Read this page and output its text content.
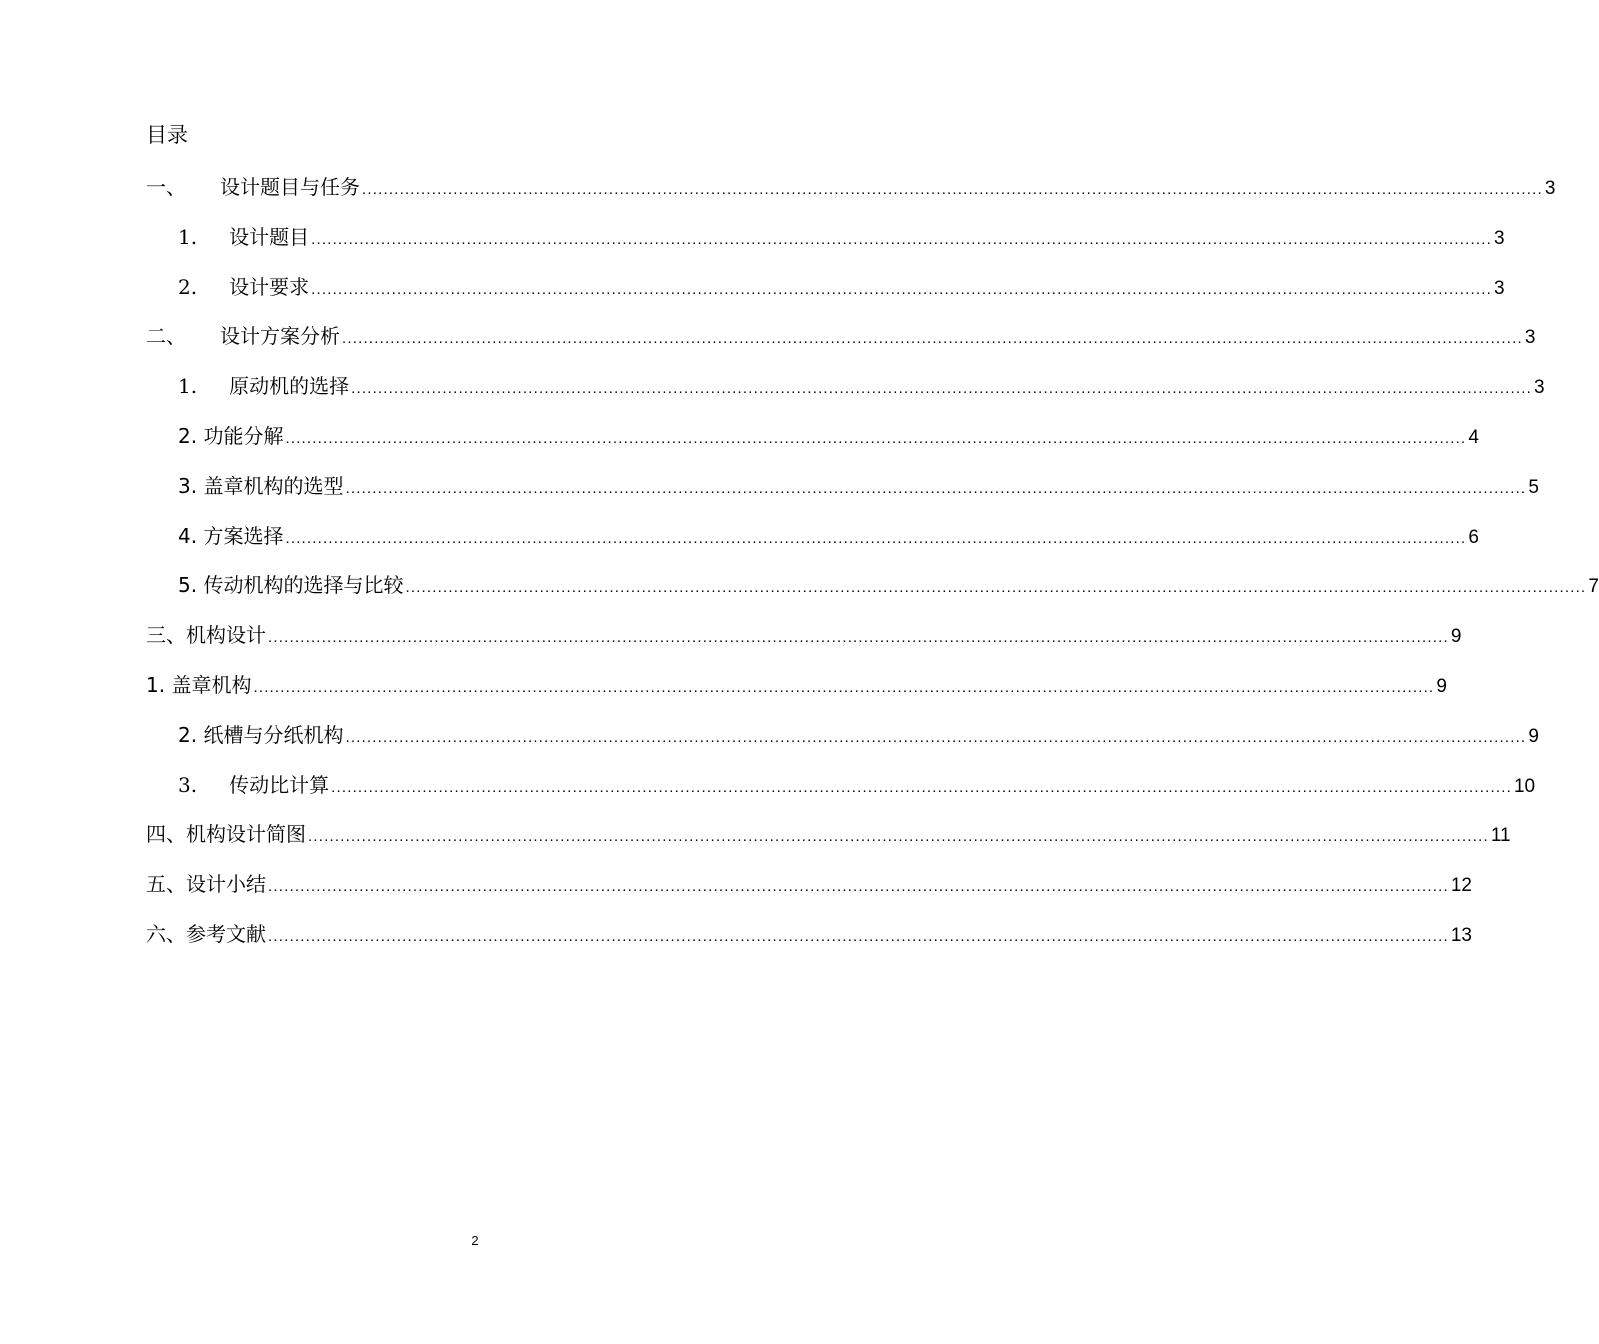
目录
一、 设计题目与任务 ............................................................................................................................................................................................................................ 3
1. 设计题目 ............................................................................................................................................................................................................................ 3
2. 设计要求 ............................................................................................................................................................................................................................ 3
二、 设计方案分析 ............................................................................................................................................................................................................................ 3
1. 原动机的选择 ............................................................................................................................................................................................................................ 3
2. 功能分解 ............................................................................................................................................................................................................................ 4
3. 盖章机构的选型 ............................................................................................................................................................................................................................ 5
4. 方案选择 ............................................................................................................................................................................................................................ 6
5. 传动机构的选择与比较 ............................................................................................................................................................................................................................ 7
三、 机构设计 ............................................................................................................................................................................................................................ 9
1. 盖章机构 ............................................................................................................................................................................................................................ 9
2. 纸槽与分纸机构 ............................................................................................................................................................................................................................ 9
3. 传动比计算 ............................................................................................................................................................................................................................ 10
四、 机构设计简图 ............................................................................................................................................................................................................................ 11
五、 设计小结 ............................................................................................................................................................................................................................ 12
六、 参考文献 ............................................................................................................................................................................................................................ 13
2
